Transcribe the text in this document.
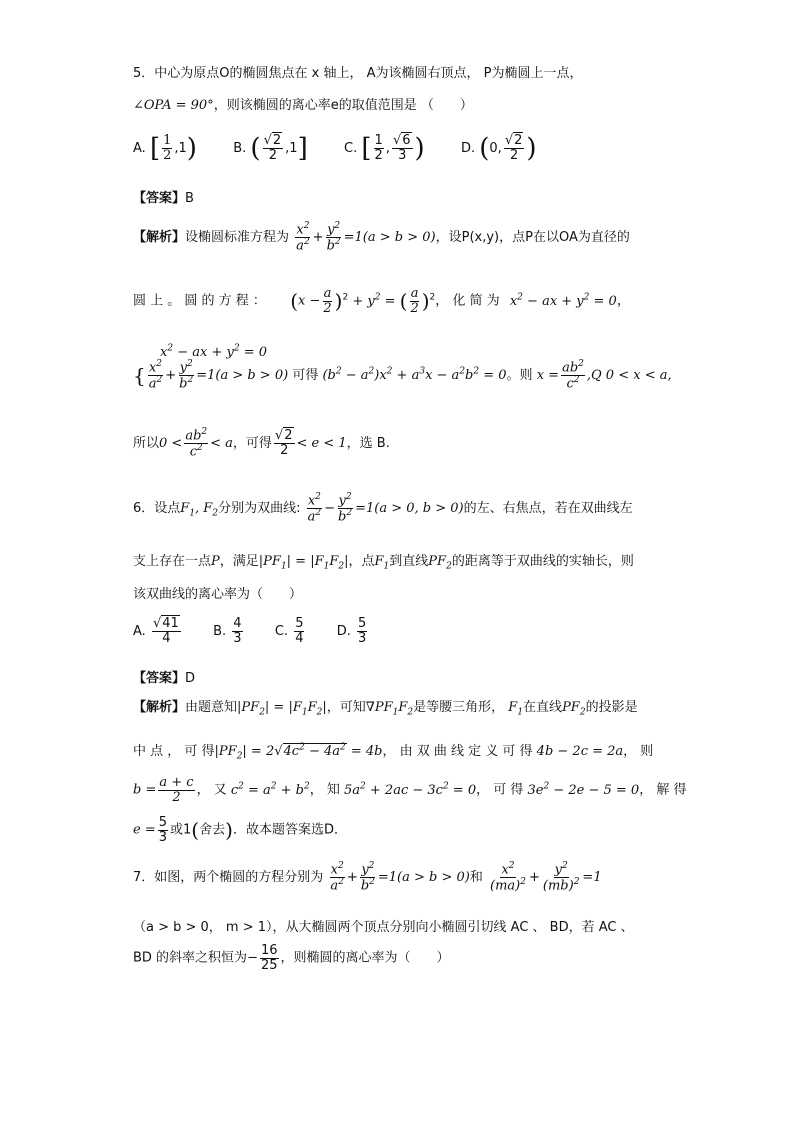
5．中心为原点O的椭圆焦点在 x 轴上， A为该椭圆右顶点， P为椭圆上一点，
∠OPA = 90°，则该椭圆的离心率e的取值范围是 （　　）
A. [ $\frac{1}{2} ,1$)	B. ( $\frac{√2}{2} ,1$]	C. [ $\frac{1}{2}$ , $\frac{√6}{3}$ )	D. (0, $\frac{√2}{2}$ )
【答案】B
【解析】设椭圆标准方程为 $\frac{x^2}{a^2} + \frac{y^2}{b^2} =1(a > b > 0)$，设P(x,y)，点P在以OA为直径的
圆 上 。 圆 的 方 程 ： $(x - \frac{a}{2} )^2 + y^2$ = ( $\frac{a}{2} )^2$， 化 简 为 $x^2$ − ax + $y^2 = 0$，
$x^2$ − ax + $y^2 = 0$
{ $\frac{x^2}{a^2} + \frac{y^2}{b^2} =1(a > b > 0)$ 可得 $(b^2 - a^2)x^2 + a^3x - a^2b^2 = 0$。则 $x = \frac{ab^2}{c^2} ,Q$ 0 < x < a,
所以$0 < \frac{ab^2}{c^2} < a$，可得 $\frac{√2}{2} < e < 1$，选 B.
6．设点$F_1$, $F_2$分别为双曲线: $\frac{x^2}{a^2} - \frac{y^2}{b^2} =1(a > 0$, b > 0)的左、右焦点，若在双曲线左
支上存在一点P，满足$|PF_1| = |F_1F_2|$，点$F_1$到直线$PF_2$的距离等于双曲线的实轴长，则
该双曲线的离心率为（　　）
A. $\frac{√41}{4} B$. $\frac{4}{3} C$. $\frac{5}{4} D$. $\frac{5}{3}$
【答案】D
【解析】由题意知$|PF_2| = |F_1F_2|$，可知$\nabla PF_1F_2$是等腰三角形， $F_1$在直线$PF_2$的投影是
中 点 ， 可 得$|PF_2| = 2√4c^2 - 4a^2 = 4b$， 由 双 曲 线 定 义 可 得 4b − 2c = 2a， 则
$b = \frac{a + c}{2}$ ， 又 $c^2 = a^2 + b^2$， 知 $5a^2 + 2ac - 3c^2 = 0$， 可 得 $3e^2 - 2e - 5 = 0$， 解 得
$e = \frac{5}{3}$ 或1(舍去)．故本题答案选D．
7．如图，两个椭圆的方程分别为 $\frac{x^2}{a^2} + \frac{y^2}{b^2} =1(a > b > 0)$和 $\frac{x^2}{(ma)^2} + \frac{y^2}{(mb)^2} =1$
（a > b > 0， m > 1），从大椭圆两个顶点分别向小椭圆引切线 AC 、 BD，若 AC 、
BD 的斜率之积恒为− $\frac{16}{25}$ ，则椭圆的离心率为（　　）
